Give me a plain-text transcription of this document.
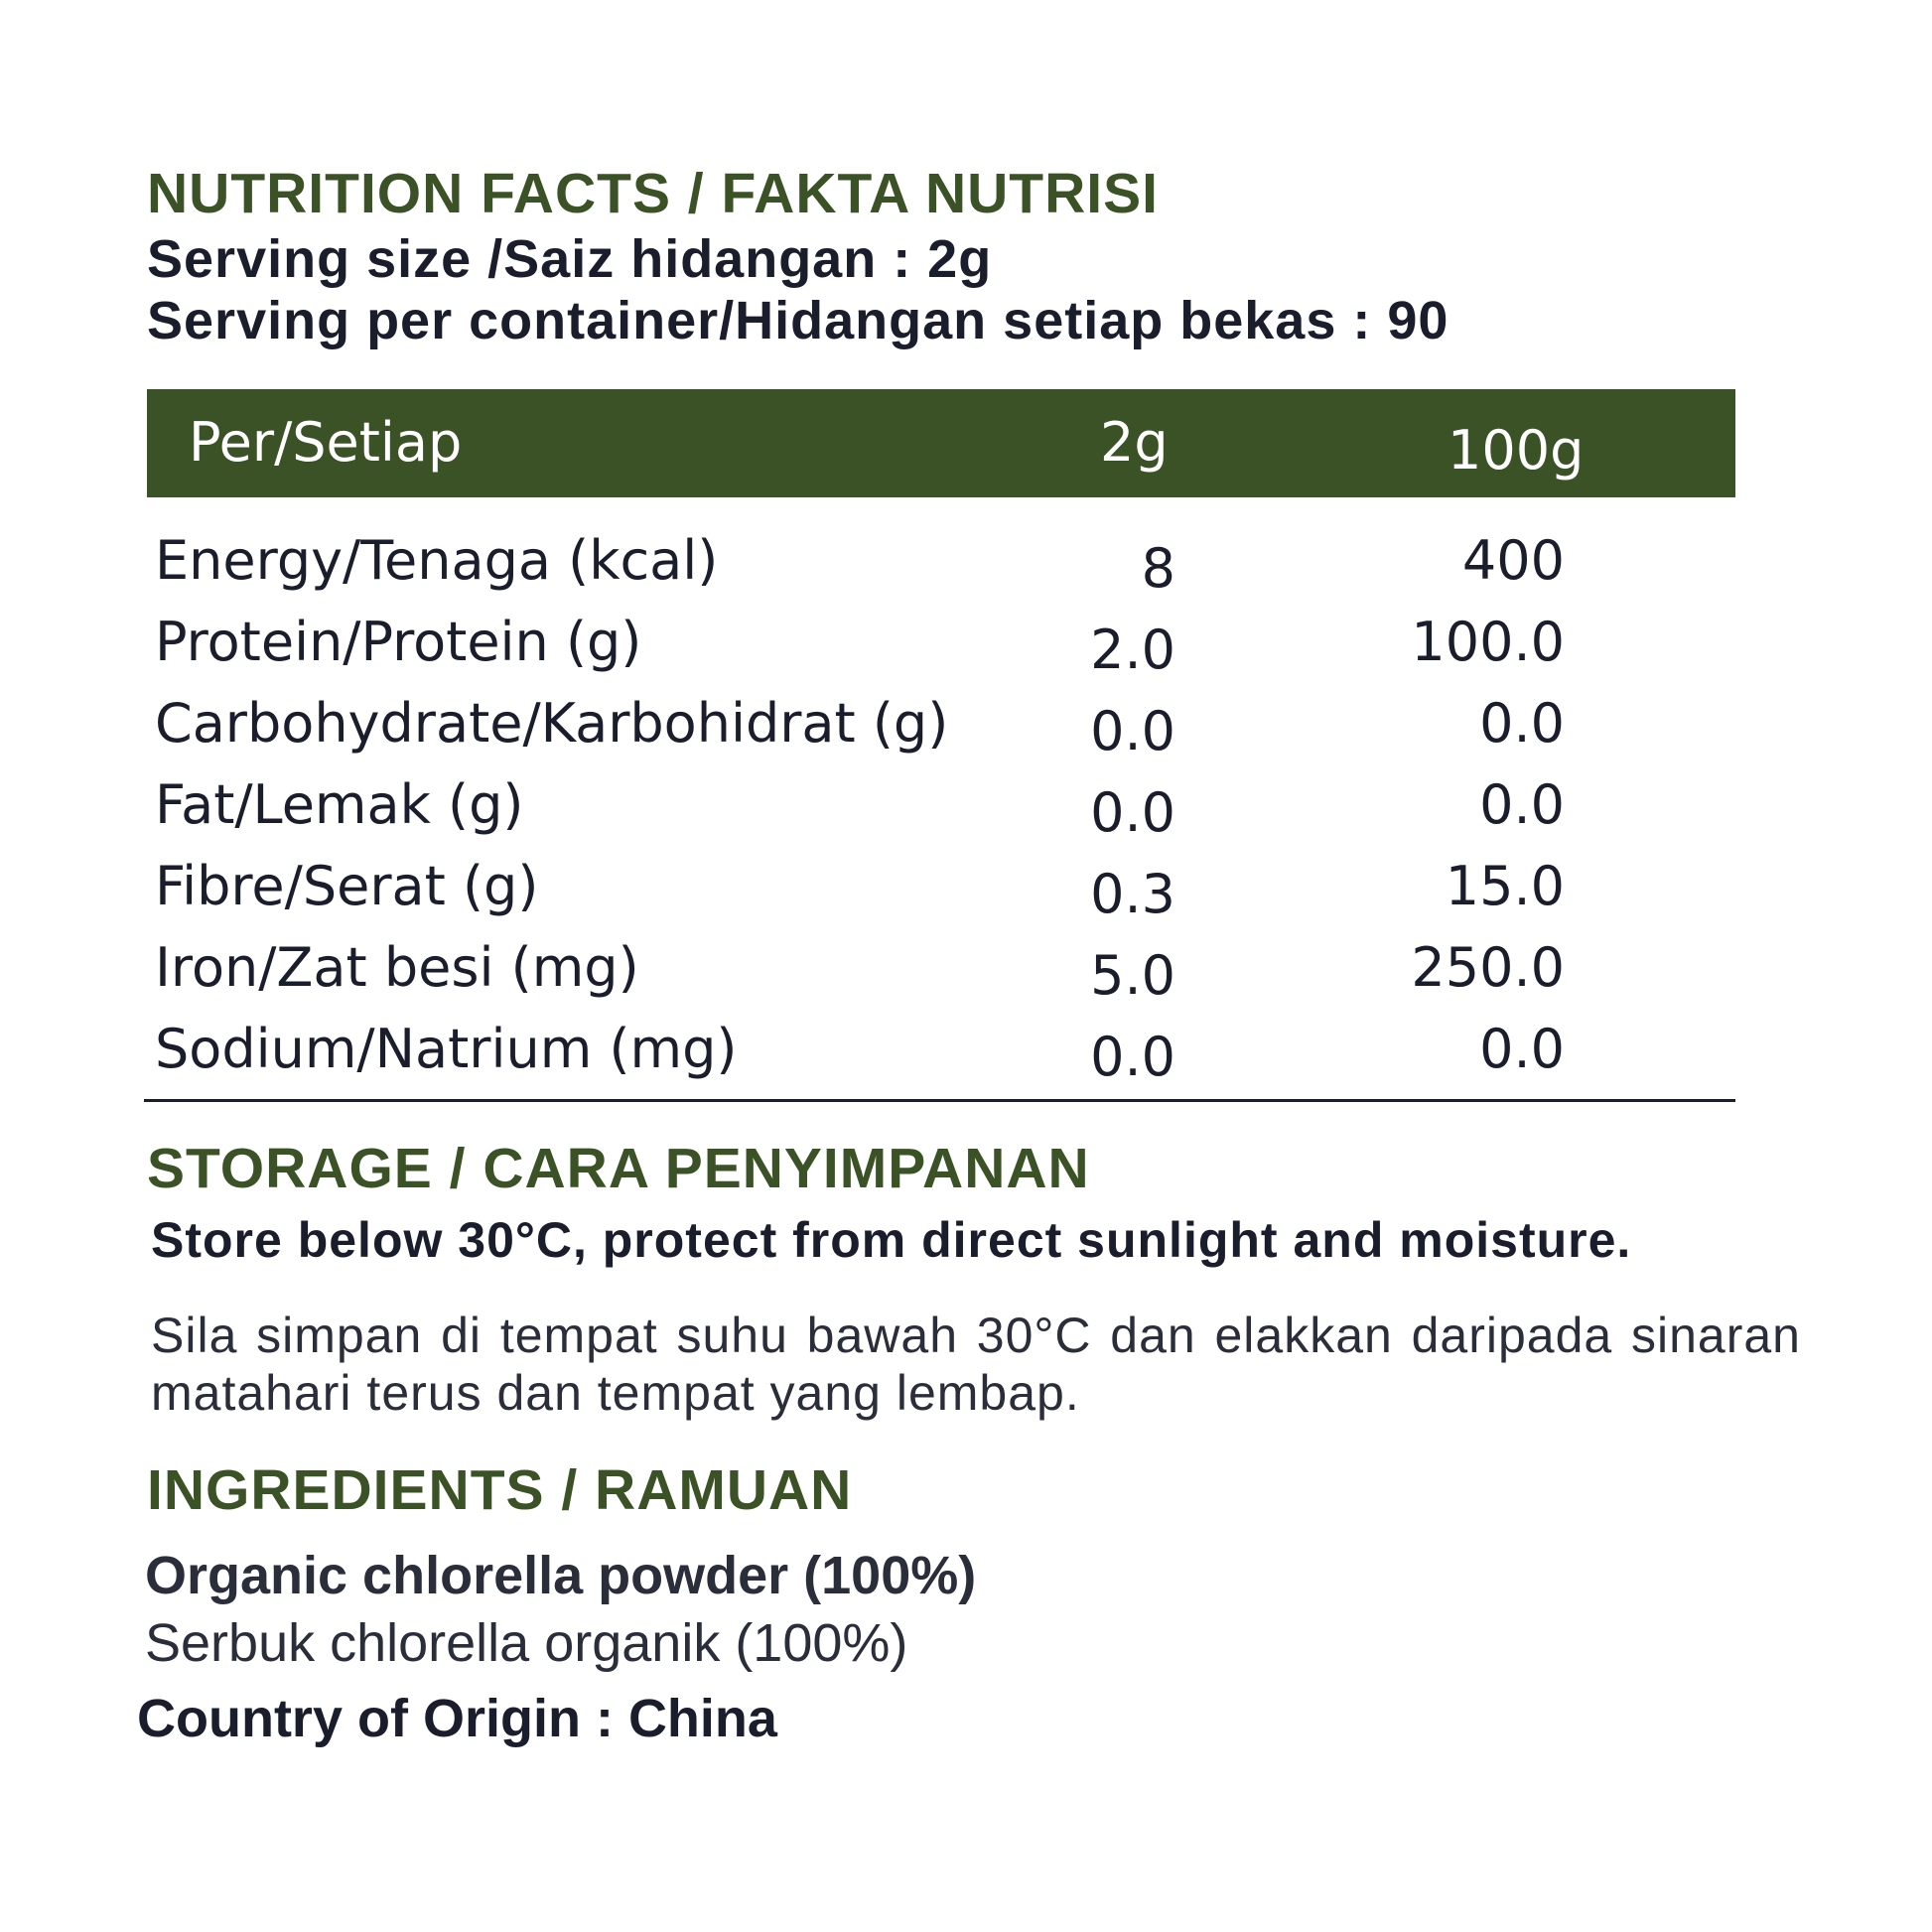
NUTRITION FACTS / FAKTA NUTRISI
Serving size /Saiz hidangan : 2g
Serving per container/Hidangan setiap bekas : 90
Per/Setiap	2g	100g
Energy/Tenaga (kcal)	8	400
Protein/Protein (g)	2.0	100.0
Carbohydrate/Karbohidrat (g)	0.0	0.0
Fat/Lemak (g)	0.0	0.0
Fibre/Serat (g)	0.3	15.0
Iron/Zat besi (mg)	5.0	250.0
Sodium/Natrium (mg)	0.0	0.0
STORAGE / CARA PENYIMPANAN
Store below 30°C, protect from direct sunlight and moisture.
Sila simpan di tempat suhu bawah 30°C dan elakkan daripada sinaran matahari terus dan tempat yang lembap.
INGREDIENTS / RAMUAN
Organic chlorella powder (100%)
Serbuk chlorella organik (100%)
Country of Origin : China
